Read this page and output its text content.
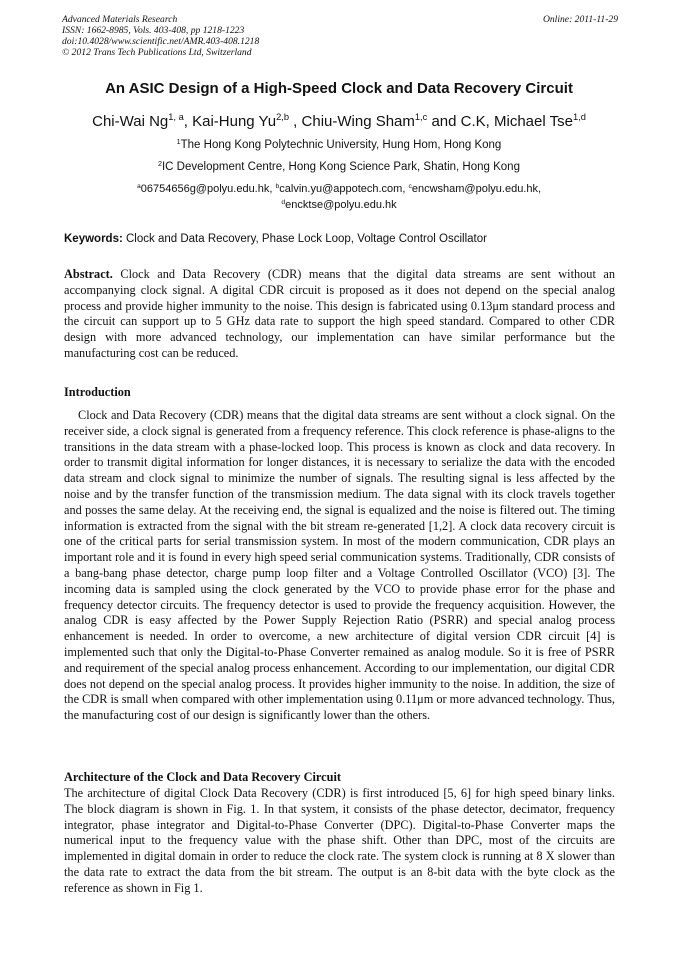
Advanced Materials Research
ISSN: 1662-8985, Vols. 403-408, pp 1218-1223
doi:10.4028/www.scientific.net/AMR.403-408.1218
© 2012 Trans Tech Publications Ltd, Switzerland
Online: 2011-11-29
An ASIC Design of a High-Speed Clock and Data Recovery Circuit
Chi-Wai Ng$^{1, a}$, Kai-Hung Yu$^{2,b}$ , Chiu-Wing Sham$^{1,c}$ and C.K, Michael Tse$^{1,d}$
$^1$The Hong Kong Polytechnic University, Hung Hom, Hong Kong
$^2$IC Development Centre, Hong Kong Science Park, Shatin, Hong Kong
$^a$06754656g@polyu.edu.hk, $^b$calvin.yu@appotech.com, $^c$encwsham@polyu.edu.hk,
$^d$encktse@polyu.edu.hk
Keywords: Clock and Data Recovery, Phase Lock Loop, Voltage Control Oscillator
Abstract. Clock and Data Recovery (CDR) means that the digital data streams are sent without an accompanying clock signal. A digital CDR circuit is proposed as it does not depend on the special analog process and provide higher immunity to the noise. This design is fabricated using 0.13μm standard process and the circuit can support up to 5 GHz data rate to support the high speed standard. Compared to other CDR design with more advanced technology, our implementation can have similar performance but the manufacturing cost can be reduced.
Introduction
Clock and Data Recovery (CDR) means that the digital data streams are sent without a clock signal. On the receiver side, a clock signal is generated from a frequency reference. This clock reference is phase-aligns to the transitions in the data stream with a phase-locked loop. This process is known as clock and data recovery. In order to transmit digital information for longer distances, it is necessary to serialize the data with the encoded data stream and clock signal to minimize the number of signals. The resulting signal is less affected by the noise and by the transfer function of the transmission medium. The data signal with its clock travels together and posses the same delay. At the receiving end, the signal is equalized and the noise is filtered out. The timing information is extracted from the signal with the bit stream re-generated [1,2]. A clock data recovery circuit is one of the critical parts for serial transmission system. In most of the modern communication, CDR plays an important role and it is found in every high speed serial communication systems. Traditionally, CDR consists of a bang-bang phase detector, charge pump loop filter and a Voltage Controlled Oscillator (VCO) [3]. The incoming data is sampled using the clock generated by the VCO to provide phase error for the phase and frequency detector circuits. The frequency detector is used to provide the frequency acquisition. However, the analog CDR is easy affected by the Power Supply Rejection Ratio (PSRR) and special analog process enhancement is needed. In order to overcome, a new architecture of digital version CDR circuit [4] is implemented such that only the Digital-to-Phase Converter remained as analog module. So it is free of PSRR and requirement of the special analog process enhancement. According to our implementation, our digital CDR does not depend on the special analog process. It provides higher immunity to the noise. In addition, the size of the CDR is small when compared with other implementation using 0.11μm or more advanced technology. Thus, the manufacturing cost of our design is significantly lower than the others.
Architecture of the Clock and Data Recovery Circuit
The architecture of digital Clock Data Recovery (CDR) is first introduced [5, 6] for high speed binary links. The block diagram is shown in Fig. 1. In that system, it consists of the phase detector, decimator, frequency integrator, phase integrator and Digital-to-Phase Converter (DPC). Digital-to-Phase Converter maps the numerical input to the frequency value with the phase shift. Other than DPC, most of the circuits are implemented in digital domain in order to reduce the clock rate. The system clock is running at 8 X slower than the data rate to extract the data from the bit stream. The output is an 8-bit data with the byte clock as the reference as shown in Fig 1.
